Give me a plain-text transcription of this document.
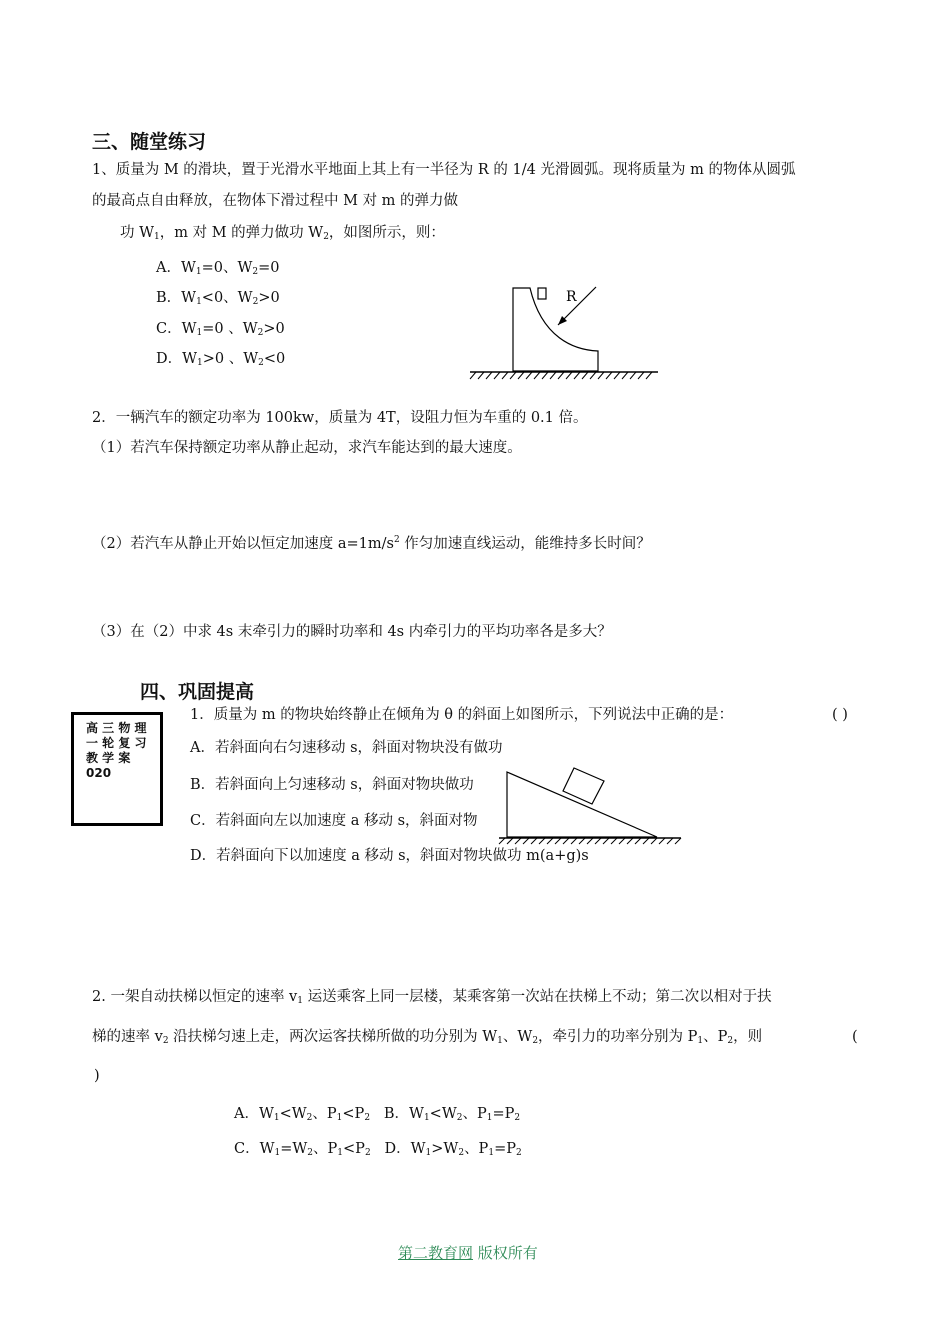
三、随堂练习
1、质量为 M 的滑块，置于光滑水平地面上其上有一半径为 R 的 1/4 光滑圆弧。现将质量为 m 的物体从圆弧
的最高点自由释放，在物体下滑过程中 M 对 m 的弹力做
功 $W_1$，m 对 M 的弹力做功 $W_2$，如图所示，则：
A．$W_1=0$、$W_2=0$
B．$W_1<0$、$W_2>0$
C．$W_1=0$ 、$W_2>0$
D．$W_1>0$ 、$W_2<0$
R
2．一辆汽车的额定功率为 100kw，质量为 4T，设阻力恒为车重的 0.1 倍。
（1）若汽车保持额定功率从静止起动，求汽车能达到的最大速度。
（2）若汽车从静止开始以恒定加速度 $a=1m/s^2$ 作匀加速直线运动，能维持多长时间？
（3）在（2）中求 4s 末牵引力的瞬时功率和 4s 内牵引力的平均功率各是多大？
四、巩固提高
高 三 物 理
一 轮 复 习
教 学 案
020
1．质量为 m 的物块始终静止在倾角为 θ 的斜面上如图所示，下列说法中正确的是：	( )
A．若斜面向右匀速移动 s，斜面对物块没有做功
B．若斜面向上匀速移动 s，斜面对物块做功
C．若斜面向左以加速度 a 移动 s，斜面对物
D．若斜面向下以加速度 a 移动 s，斜面对物块做功 m(a+g)s
2. 一架自动扶梯以恒定的速率 $v_1$ 运送乘客上同一层楼，某乘客第一次站在扶梯上不动；第二次以相对于扶
梯的速率 $v_2$ 沿扶梯匀速上走，两次运客扶梯所做的功分别为 $W_1$、$W_2$，牵引力的功率分别为 $P_1$、$P_2$，则	(
)
A．$W_1<W_2$、$P_1<P_2$ B．$W_1<W_2$、$P_1=P_2$
C．$W_1=W_2$、$P_1<P_2$ D．$W_1>W_2$、$P_1=P_2$
第二教育网 版权所有
